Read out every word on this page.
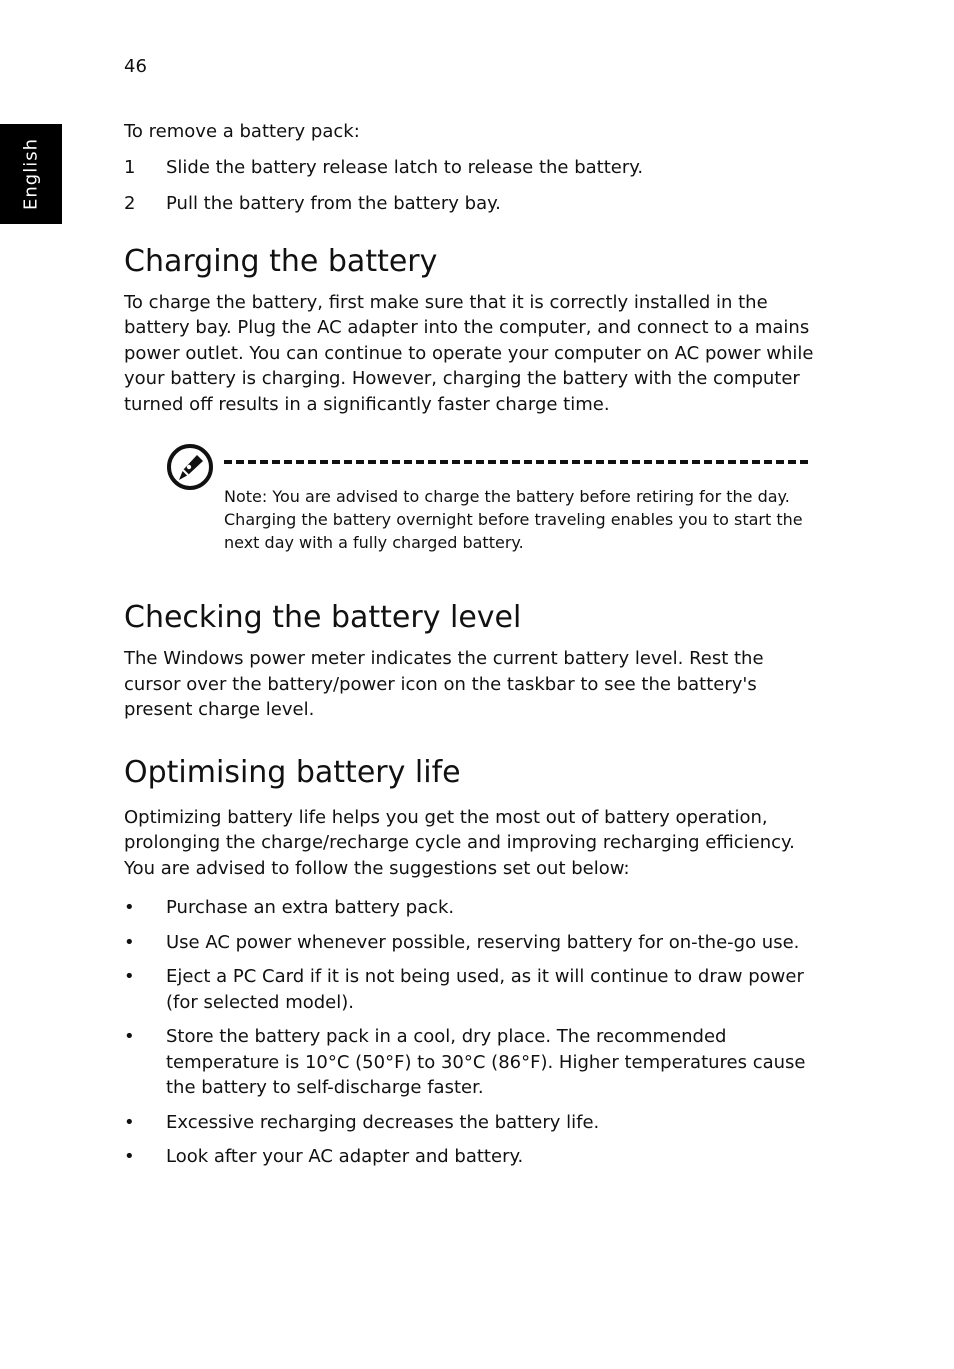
46
English

To remove a battery pack:

1	Slide the battery release latch to release the battery.
2	Pull the battery from the battery bay.
Charging the battery

To charge the battery, first make sure that it is correctly installed in the battery bay. Plug the AC adapter into the computer, and connect to a mains power outlet. You can continue to operate your computer on AC power while your battery is charging. However, charging the battery with the computer turned off results in a significantly faster charge time.

Note: You are advised to charge the battery before retiring for the day. Charging the battery overnight before traveling enables you to start the next day with a fully charged battery.
Checking the battery level

The Windows power meter indicates the current battery level. Rest the cursor over the battery/power icon on the taskbar to see the battery's present charge level.

Optimising battery life

Optimizing battery life helps you get the most out of battery operation, prolonging the charge/recharge cycle and improving recharging efficiency. You are advised to follow the suggestions set out below:

•	Purchase an extra battery pack.
•	Use AC power whenever possible, reserving battery for on-the-go use.
•	Eject a PC Card if it is not being used, as it will continue to draw power (for selected model).
•	Store the battery pack in a cool, dry place. The recommended temperature is 10°C (50°F) to 30°C (86°F). Higher temperatures cause the battery to self-discharge faster.
•	Excessive recharging decreases the battery life.
•	Look after your AC adapter and battery.
